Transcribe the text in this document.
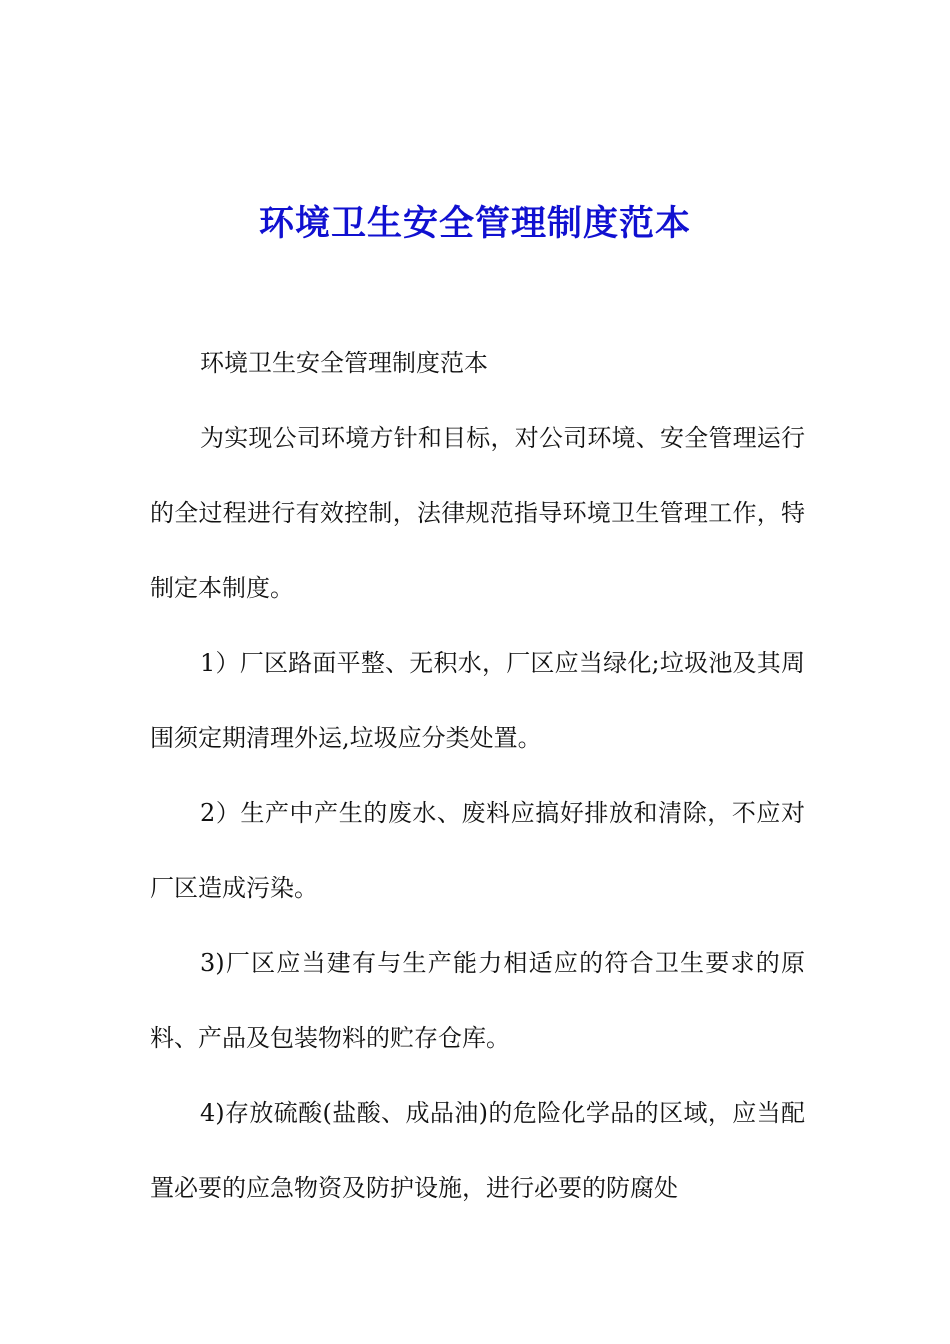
环境卫生安全管理制度范本

环境卫生安全管理制度范本

为实现公司环境方针和目标，对公司环境、安全管理运行的全过程进行有效控制，法律规范指导环境卫生管理工作，特制定本制度。

1）厂区路面平整、无积水，厂区应当绿化;垃圾池及其周围须定期清理外运,垃圾应分类处置。

2）生产中产生的废水、废料应搞好排放和清除，不应对厂区造成污染。

3)厂区应当建有与生产能力相适应的符合卫生要求的原料、产品及包装物料的贮存仓库。

4)存放硫酸(盐酸、成品油)的危险化学品的区域，应当配置必要的应急物资及防护设施，进行必要的防腐处
